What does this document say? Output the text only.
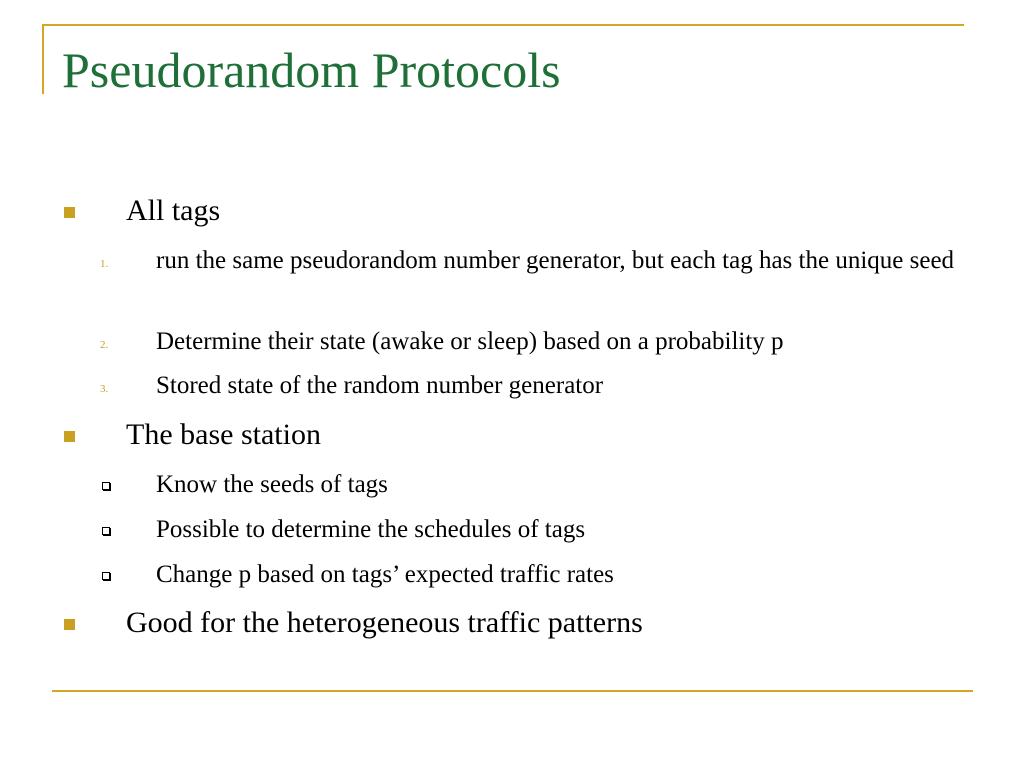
Pseudorandom Protocols
All tags
1. run the same pseudorandom number generator, but each tag has the unique seed
2. Determine their state (awake or sleep) based on a probability p
3. Stored state of the random number generator
The base station
Know the seeds of tags
Possible to determine the schedules of tags
Change p based on tags’ expected traffic rates
Good for the heterogeneous traffic patterns
